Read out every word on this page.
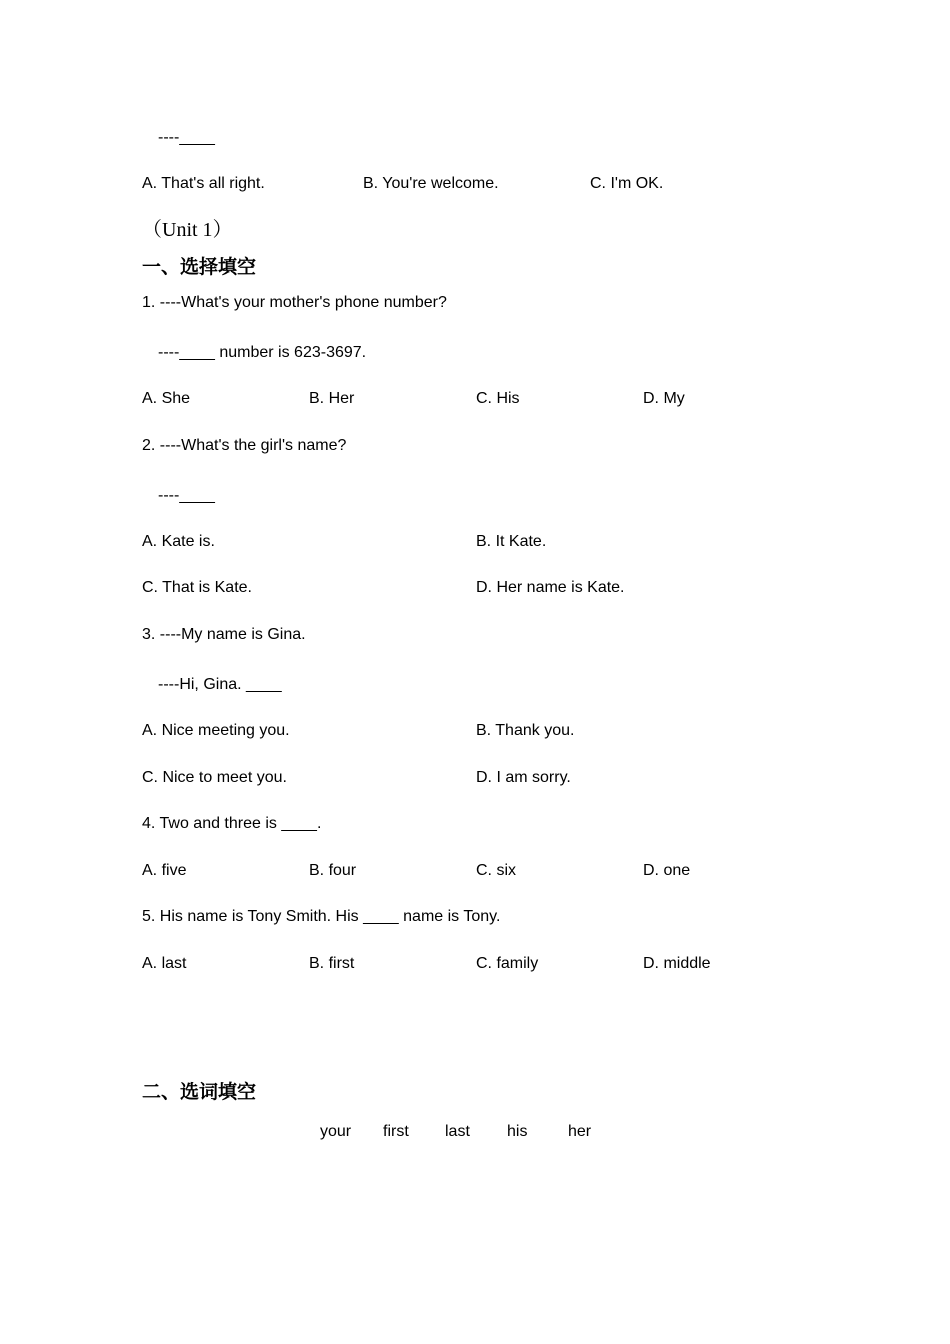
----____
A. That's all right.	B. You're welcome.	C. I'm OK.
（Unit 1）
一、选择填空
1. ----What's your mother's phone number?
----____ number is 623-3697.
A. She	B. Her	C. His	D. My
2. ----What's the girl's name?
----____
A. Kate is.	B. It Kate.
C. That is Kate.	D. Her name is Kate.
3. ----My name is Gina.
----Hi, Gina. ____
A. Nice meeting you.	B. Thank you.
C. Nice to meet you.	D. I am sorry.
4. Two and three is ____.
A. five	B. four	C. six	D. one
5. His name is Tony Smith. His ____ name is Tony.
A. last	B. first	C. family	D. middle
二、选词填空
your first last his	her
